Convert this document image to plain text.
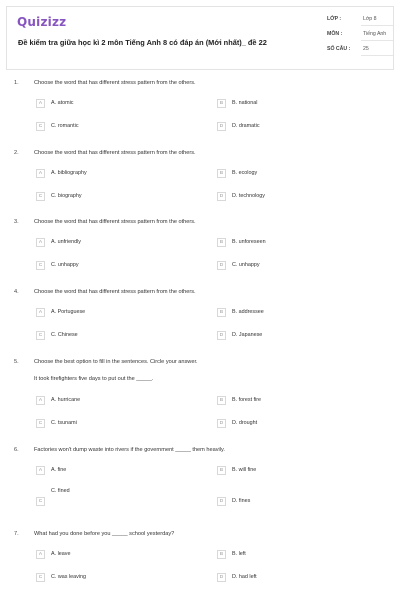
Quizizz
Đề kiểm tra giữa học kì 2 môn Tiếng Anh 8 có đáp án (Mới nhất)_ đề 22
LỚP :	Lớp 8
MÔN :	Tiếng Anh
SỐ CÂU : 25
1.	Choose the word that has different stress pattern from the others.
A	A. atomic	B	B. national
C	C. romantic	D	D. dramatic
2.	Choose the word that has different stress pattern from the others.
A	A. bibliography	B	B. ecology
C	C. biography	D	D. technology
3.	Choose the word that has different stress pattern from the others.
A	A. unfriendly	B	B. unforeseen
C	C. unhappy	D	C. unhappy
4.	Choose the word that has different stress pattern from the others.
A	A. Portuguese	B	B. addressee
C	C. Chinese	D	D. Japanese
5.	Choose the best option to fill in the sentences. Circle your answer.
It took firefighters five days to put out the _____.
A	A. hurricane	B	B. forest fire
C	C. tsunami	D	D. drought
6.	Factories won't dump waste into rivers if the government _____ them heavily.
A	A. fine	B	B. will fine
C. fined
C	D	D. fines
7.	What had you done before you _____ school yesterday?
A	A. leave	B	B. left
C	C. was leaving	D	D. had left
